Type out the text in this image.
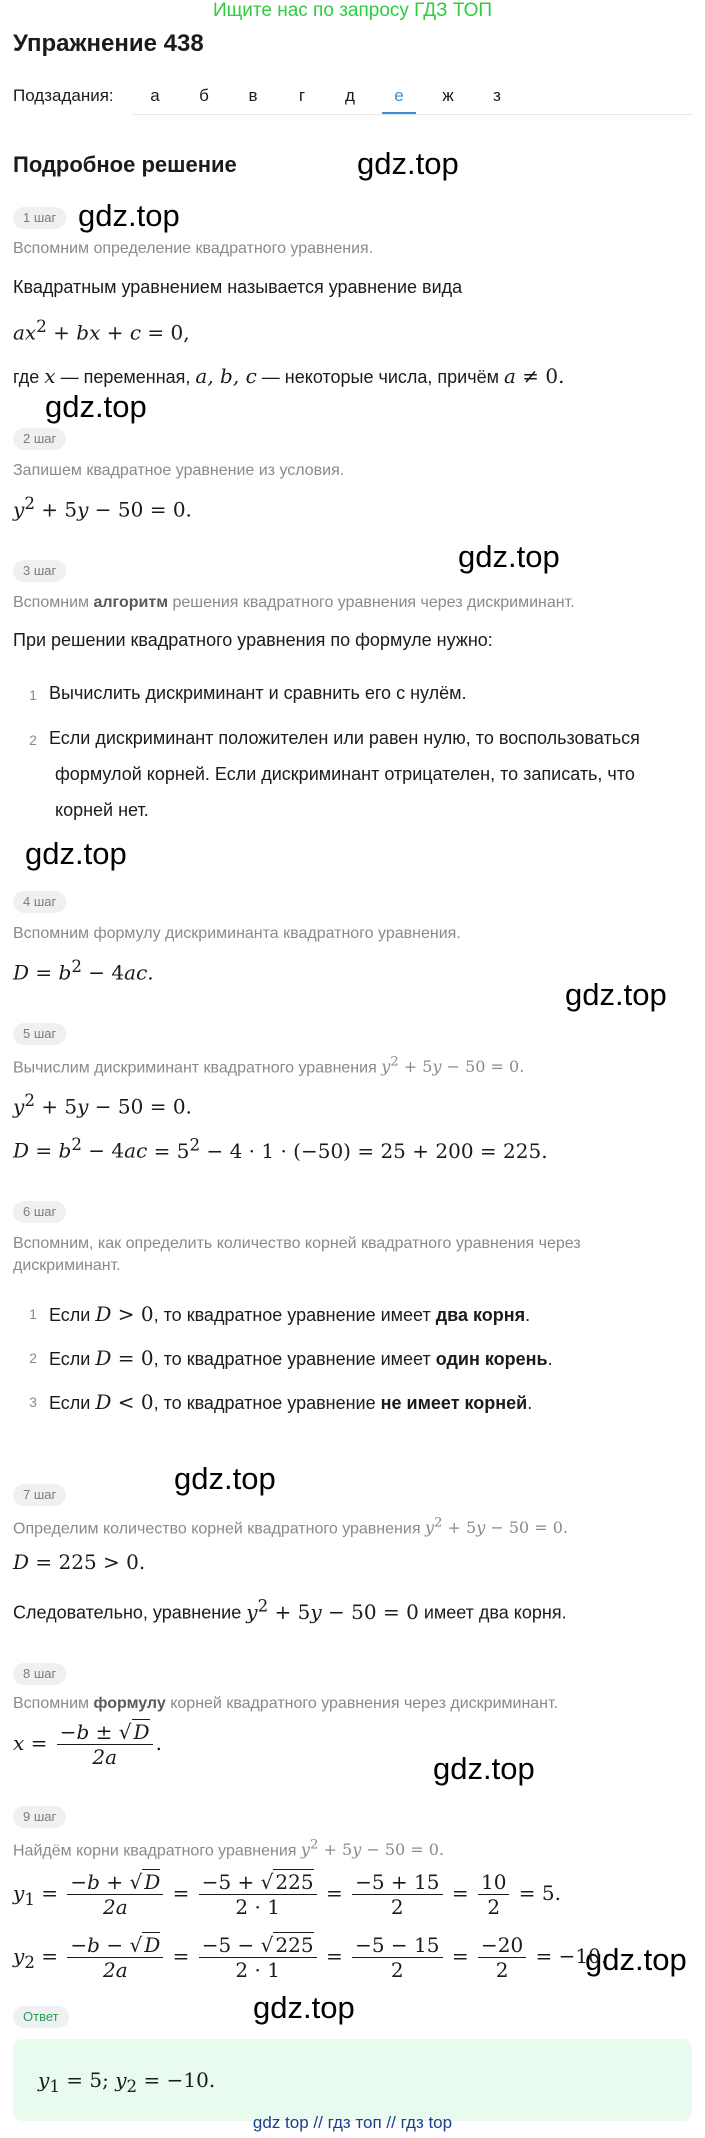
Ищите нас по запросу ГДЗ ТОП
Упражнение 438
Подзадания:	а	б	в	г	д	е	ж	з
Подробное решение	gdz.top
gdz.top
gdz.top
gdz.top
gdz.top
gdz.top
gdz.top
gdz.top
gdz.top
gdz.top
1 шаг
Вспомним определение квадратного уравнения.
Квадратным уравнением называется уравнение вида
$ax^2$ + bx + c = 0,
где x — переменная, a, b, c — некоторые числа, причём a ≠ 0.
2 шаг
Запишем квадратное уравнение из условия.
$y^2 + 5y - 50 = 0$.
3 шаг
Вспомним алгоритм решения квадратного уравнения через дискриминант.
При решении квадратного уравнения по формуле нужно:
1 Вычислить дискриминант и сравнить его с нулём.
2 Если дискриминант положителен или равен нулю, то воспользоваться
формулой корней. Если дискриминант отрицателен, то записать, что
корней нет.
4 шаг
Вспомним формулу дискриминанта квадратного уравнения.
$D = b^2 - 4ac$.
5 шаг
Вычислим дискриминант квадратного уравнения $y^2 + 5y - 50 = 0$.
$y^2 + 5y - 50 = 0$.
$D = b^2 - 4ac = 5^2 - 4 \cdot 1 \cdot (-50) = 25 + 200 = 225$.
6 шаг
Вспомним, как определить количество корней квадратного уравнения через
дискриминант.
1 Если D > 0, то квадратное уравнение имеет два корня.
2 Если D = 0, то квадратное уравнение имеет один корень.
3 Если D < 0, то квадратное уравнение не имеет корней.
7 шаг
Определим количество корней квадратного уравнения $y^2 + 5y - 50 = 0$.
D = 225 > 0.
Следовательно, уравнение $y^2 + 5y - 50 = 0$ имеет два корня.
8 шаг
Вспомним формулу корней квадратного уравнения через дискриминант.
$x = \frac{-b \pm √ D}{2a}$ .
9 шаг
Найдём корни квадратного уравнения $y^2 + 5y - 50 = 0$.
$y_1 = \frac{-b + √ D}{2a} = \frac{-5 + √ 225}{2 \cdot 1} = \frac{-5 + 15}{2} = \frac{10}{2} = 5$.
$y_2 = \frac{-b - √ D}{2a} = \frac{-5 - √ 225}{2 \cdot 1} = \frac{-5 - 15}{2} = \frac{-20}{2} = -10$.
Ответ
$y_1 = 5$; $y_2 = -10$.
gdz top // гдз топ // гдз top
